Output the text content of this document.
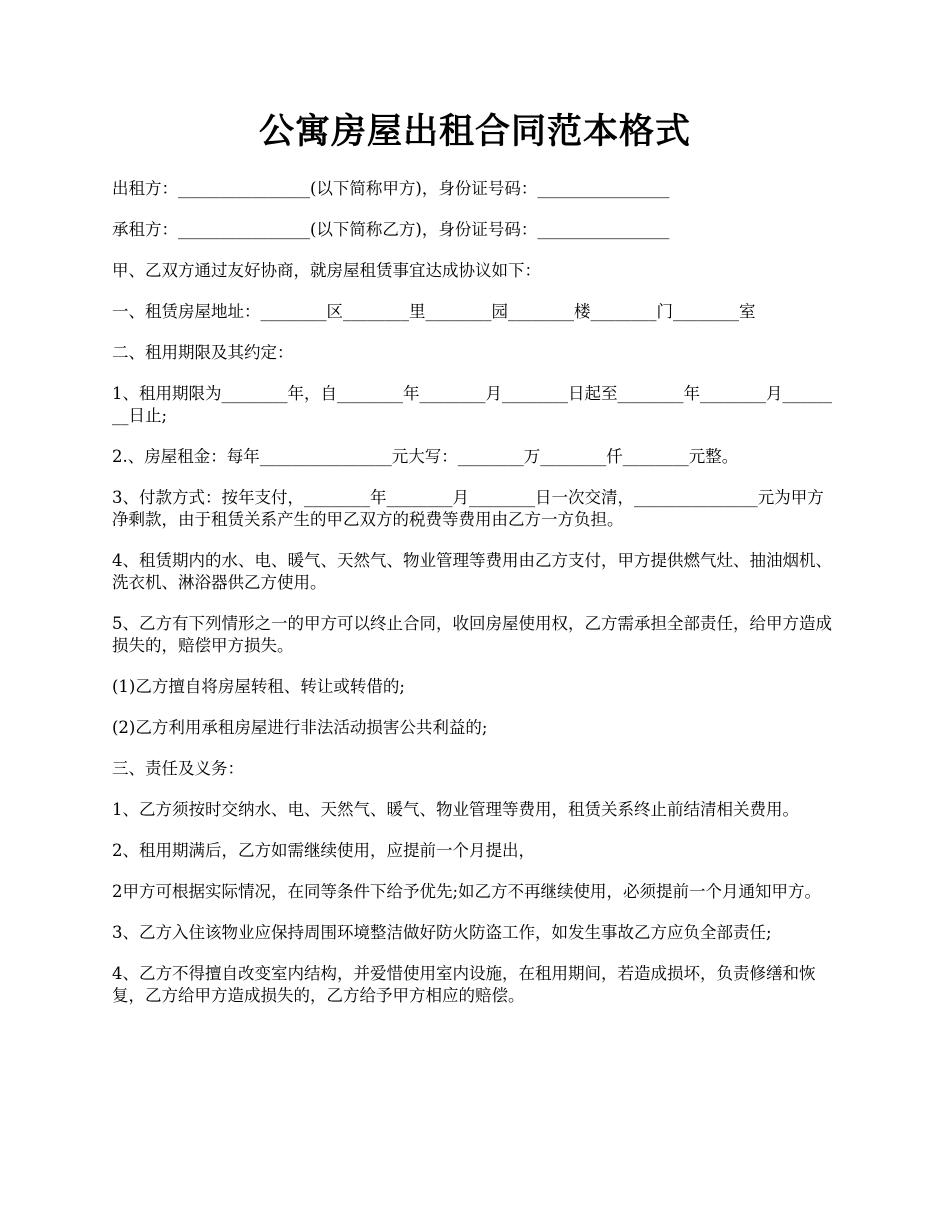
公寓房屋出租合同范本格式

出租方：________________(以下简称甲方)，身份证号码：________________

承租方：________________(以下简称乙方)，身份证号码：________________

甲、乙双方通过友好协商，就房屋租赁事宜达成协议如下：

一、租赁房屋地址：________区________里________园________楼________门________室

二、租用期限及其约定：

1、租用期限为________年，自________年________月________日起至________年________月________日止;

2.、房屋租金：每年________________元大写：________万________仟________元整。

3、付款方式：按年支付，________年________月________日一次交清，_______________元为甲方净剩款，由于租赁关系产生的甲乙双方的税费等费用由乙方一方负担。

4、租赁期内的水、电、暖气、天然气、物业管理等费用由乙方支付，甲方提供燃气灶、抽油烟机、洗衣机、淋浴器供乙方使用。

5、乙方有下列情形之一的甲方可以终止合同，收回房屋使用权，乙方需承担全部责任，给甲方造成损失的，赔偿甲方损失。

(1)乙方擅自将房屋转租、转让或转借的;

(2)乙方利用承租房屋进行非法活动损害公共利益的;

三、责任及义务：

1、乙方须按时交纳水、电、天然气、暖气、物业管理等费用，租赁关系终止前结清相关费用。

2、租用期满后，乙方如需继续使用，应提前一个月提出，

2甲方可根据实际情况，在同等条件下给予优先;如乙方不再继续使用，必须提前一个月通知甲方。

3、乙方入住该物业应保持周围环境整洁做好防火防盗工作，如发生事故乙方应负全部责任;

4、乙方不得擅自改变室内结构，并爱惜使用室内设施，在租用期间，若造成损坏，负责修缮和恢复，乙方给甲方造成损失的，乙方给予甲方相应的赔偿。
